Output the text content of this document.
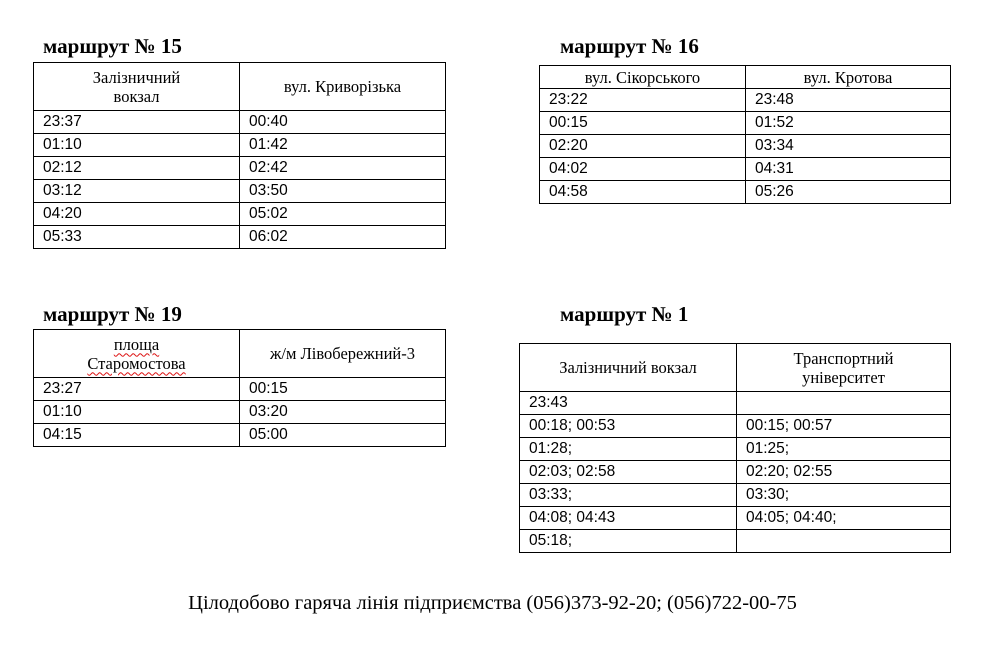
маршрут № 15
Залізничний вокзал	вул. Криворізька
23:37	00:40
01:10	01:42
02:12	02:42
03:12	03:50
04:20	05:02
05:33	06:02
маршрут № 16
вул. Сікорського	вул. Кротова
23:22	23:48
00:15	01:52
02:20	03:34
04:02	04:31
04:58	05:26
маршрут № 19
площа Старомостова	ж/м Лівобережний-3
23:27	00:15
01:10	03:20
04:15	05:00
маршрут № 1
Залізничний вокзал	Транспортний університет
23:43	
00:18; 00:53	00:15; 00:57
01:28;	01:25;
02:03; 02:58	02:20; 02:55
03:33;	03:30;
04:08; 04:43	04:05; 04:40;
05:18;	
Цілодобово гаряча лінія підприємства (056)373-92-20; (056)722-00-75
